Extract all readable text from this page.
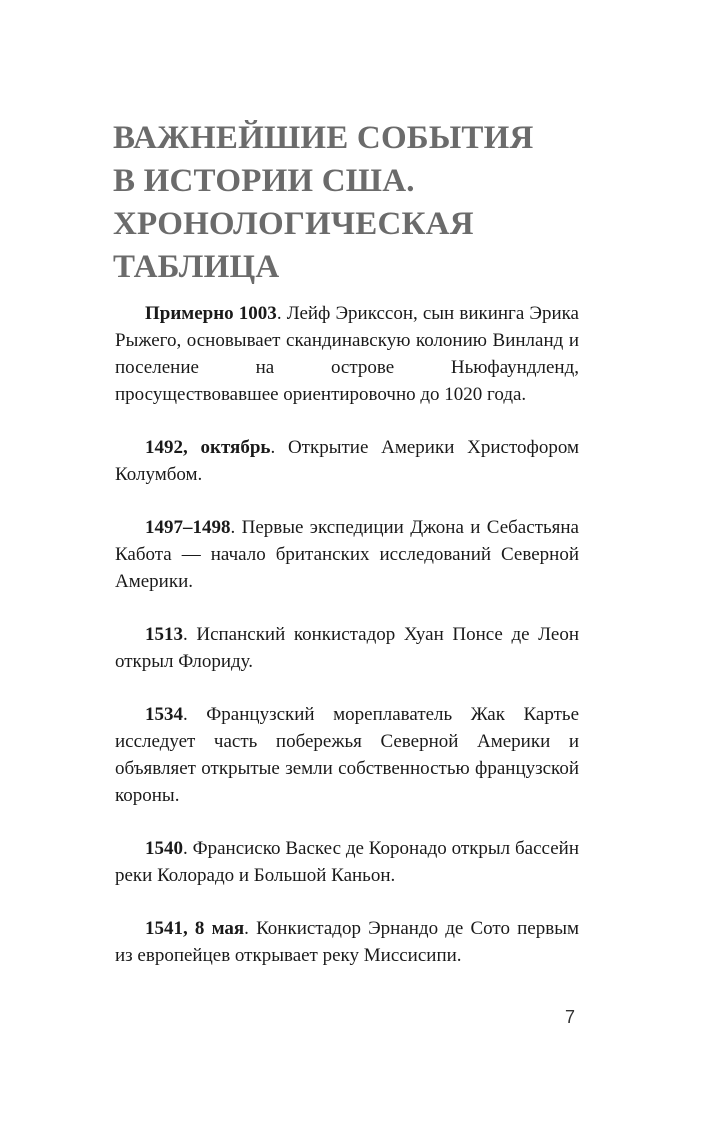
ВАЖНЕЙШИЕ СОБЫТИЯ
В ИСТОРИИ США.
ХРОНОЛОГИЧЕСКАЯ
ТАБЛИЦА

Примерно 1003. Лейф Эриксcон, сын викинга Эрика Рыжего, основывает скандинавскую колонию Винланд и поселение на острове Ньюфаундленд, просуществовавшее ориентировочно до 1020 года.

1492, октябрь. Открытие Америки Христофором Колумбом.

1497–1498. Первые экспедиции Джона и Себастьяна Кабота — начало британских исследований Северной Америки.

1513. Испанский конкистадор Хуан Понсе де Леон открыл Флориду.

1534. Французский мореплаватель Жак Картье исследует часть побережья Северной Америки и объявляет открытые земли собственностью французской короны.

1540. Франсиско Васкес де Коронадо открыл бассейн реки Колорадо и Большой Каньон.

1541, 8 мая. Конкистадор Эрнандо де Сото первым из европейцев открывает реку Миссисипи.

7
